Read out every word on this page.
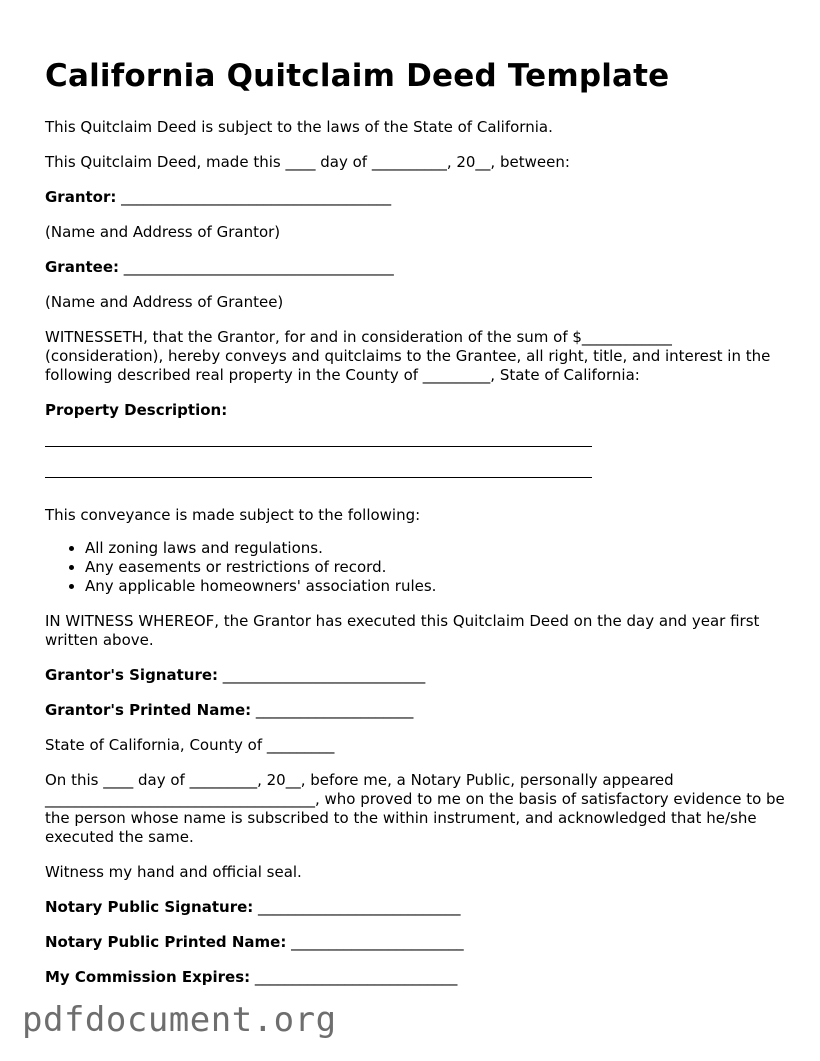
California Quitclaim Deed Template

This Quitclaim Deed is subject to the laws of the State of California.

This Quitclaim Deed, made this ____ day of __________, 20__, between:

Grantor: ____________________________________

(Name and Address of Grantor)

Grantee: ____________________________________

(Name and Address of Grantee)

WITNESSETH, that the Grantor, for and in consideration of the sum of $____________ (consideration), hereby conveys and quitclaims to the Grantee, all right, title, and interest in the following described real property in the County of _________, State of California:

Property Description:

This conveyance is made subject to the following:

• All zoning laws and regulations.
• Any easements or restrictions of record.
• Any applicable homeowners' association rules.

IN WITNESS WHEREOF, the Grantor has executed this Quitclaim Deed on the day and year first written above.

Grantor's Signature: ___________________________

Grantor's Printed Name: _____________________

State of California, County of _________

On this ____ day of _________, 20__, before me, a Notary Public, personally appeared ____________________________________, who proved to me on the basis of satisfactory evidence to be the person whose name is subscribed to the within instrument, and acknowledged that he/she executed the same.

Witness my hand and official seal.

Notary Public Signature: ___________________________

Notary Public Printed Name: _______________________

My Commission Expires: ___________________________

pdfdocument.org
